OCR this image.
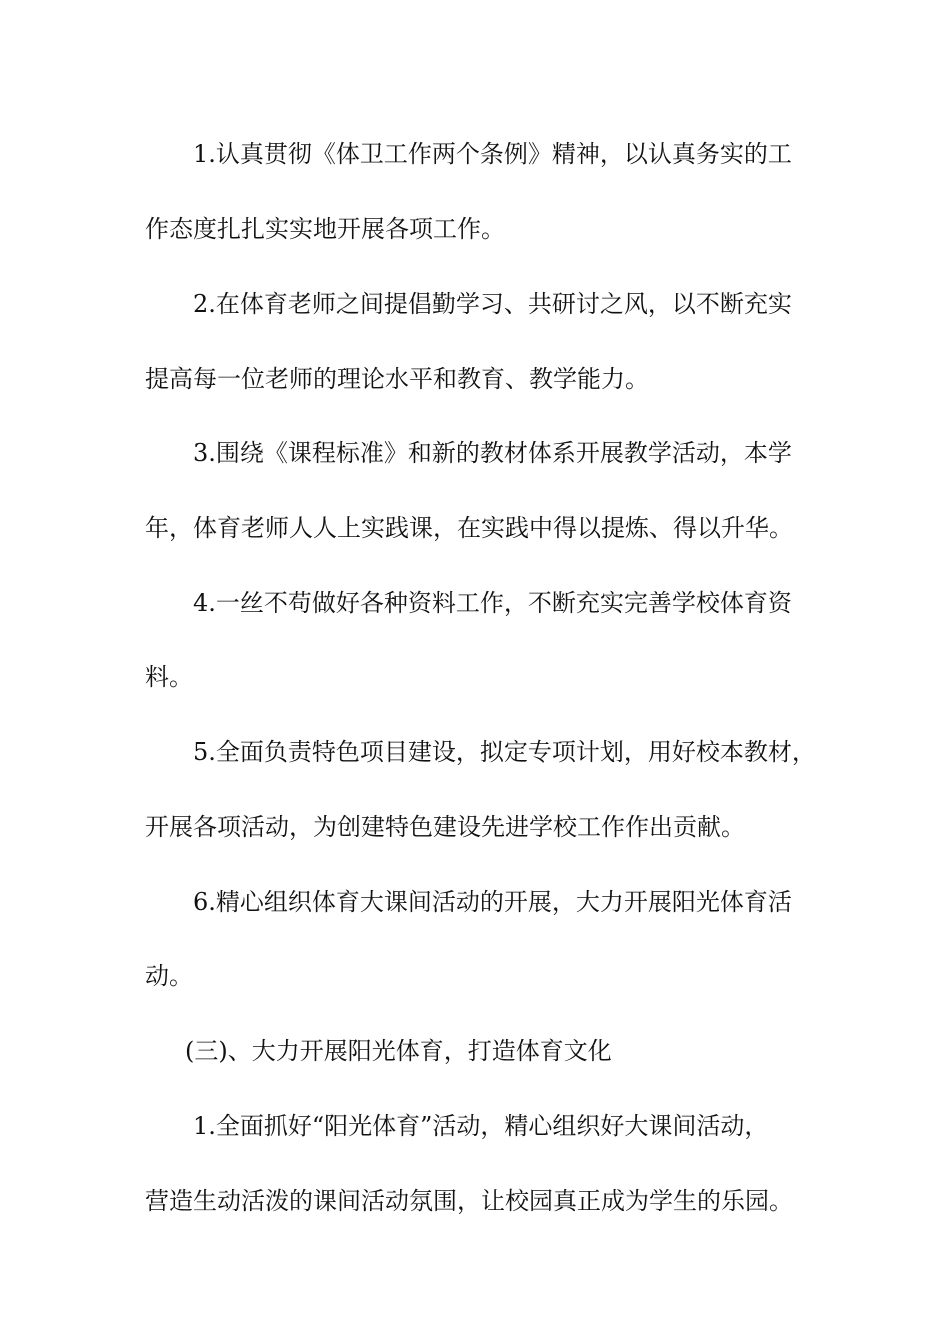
1.认真贯彻《体卫工作两个条例》精神，以认真务实的工

作态度扎扎实实地开展各项工作。

2.在体育老师之间提倡勤学习、共研讨之风，以不断充实

提高每一位老师的理论水平和教育、教学能力。

3.围绕《课程标准》和新的教材体系开展教学活动，本学

年，体育老师人人上实践课，在实践中得以提炼、得以升华。

4.一丝不苟做好各种资料工作，不断充实完善学校体育资

料。

5.全面负责特色项目建设，拟定专项计划，用好校本教材，

开展各项活动，为创建特色建设先进学校工作作出贡献。

6.精心组织体育大课间活动的开展，大力开展阳光体育活

动。

(三)、大力开展阳光体育，打造体育文化

1.全面抓好“阳光体育”活动，精心组织好大课间活动，

营造生动活泼的课间活动氛围，让校园真正成为学生的乐园。
